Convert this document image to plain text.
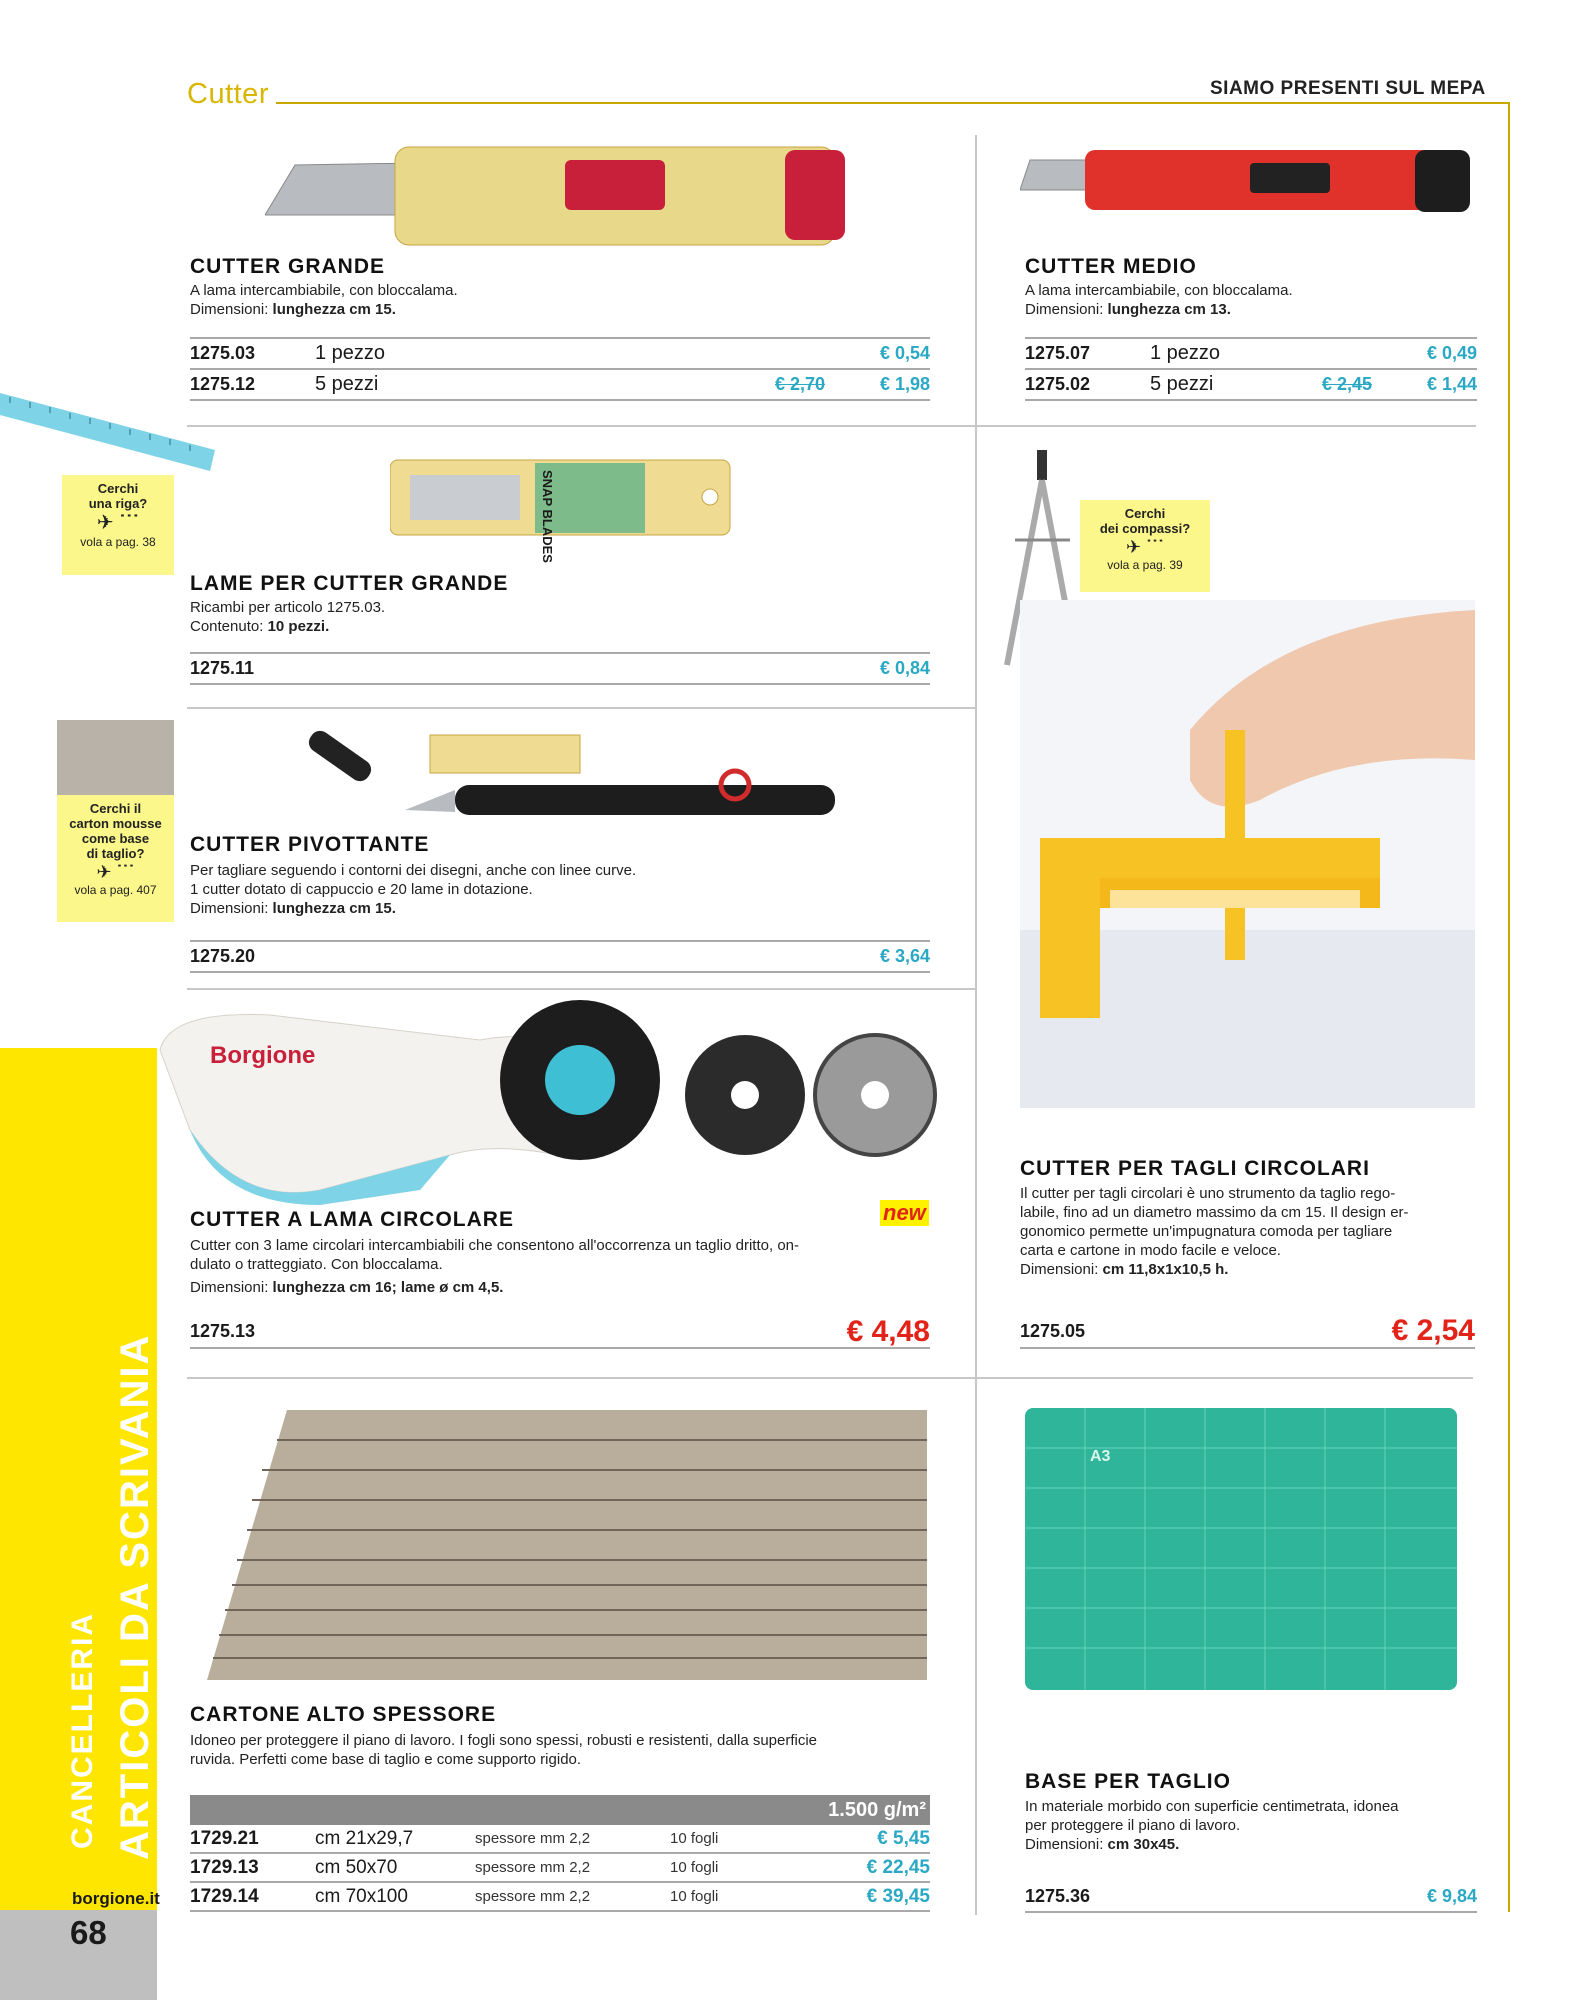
Cutter	SIAMO PRESENTI SUL MEPA
CANCELLERIA ARTICOLI DA SCRIVANIA
borgione.it
68
Cerchi
una riga?
✈ ˙˙˙
vola a pag. 38
Cerchi il
carton mousse
come base
di taglio?
✈ ˙˙˙
vola a pag. 407
CUTTER GRANDE
A lama intercambiabile, con bloccalama.
Dimensioni: lunghezza cm 15.
1275.03	1 pezzo	€ 0,54
1275.12	5 pezzi	€ 2,70	€ 1,98
CUTTER MEDIO
A lama intercambiabile, con bloccalama.
Dimensioni: lunghezza cm 13.
1275.07	1 pezzo	€ 0,49
1275.02	5 pezzi	€ 2,45	€ 1,44
SNAP BLADES
LAME PER CUTTER GRANDE
Ricambi per articolo 1275.03.
Contenuto: 10 pezzi.
1275.11	€ 0,84
CUTTER PIVOTTANTE
Per tagliare seguendo i contorni dei disegni, anche con linee curve.
1 cutter dotato di cappuccio e 20 lame in dotazione.
Dimensioni: lunghezza cm 15.
1275.20	€ 3,64
Borgione
CUTTER A LAMA CIRCOLARE	new
Cutter con 3 lame circolari intercambiabili che consentono all'occorrenza un taglio dritto, on-
dulato o tratteggiato. Con bloccalama.
Dimensioni: lunghezza cm 16; lame ø cm 4,5.
1275.13	€ 4,48
Cerchi
dei compassi?
✈ ˙˙˙
vola a pag. 39
CUTTER PER TAGLI CIRCOLARI
Il cutter per tagli circolari è uno strumento da taglio rego-
labile, fino ad un diametro massimo da cm 15. Il design er-
gonomico permette un'impugnatura comoda per tagliare
carta e cartone in modo facile e veloce.
Dimensioni: cm 11,8x1x10,5 h.
1275.05	€ 2,54
CARTONE ALTO SPESSORE
Idoneo per proteggere il piano di lavoro. I fogli sono spessi, robusti e resistenti, dalla superficie
ruvida. Perfetti come base di taglio e come supporto rigido.
1.500 g/m²
1729.21	cm 21x29,7	spessore mm 2,2	10 fogli	€ 5,45
1729.13	cm 50x70	spessore mm 2,2	10 fogli	€ 22,45
1729.14	cm 70x100	spessore mm 2,2	10 fogli	€ 39,45
A3
BASE PER TAGLIO
In materiale morbido con superficie centimetrata, idonea
per proteggere il piano di lavoro.
Dimensioni: cm 30x45.
1275.36	€ 9,84
